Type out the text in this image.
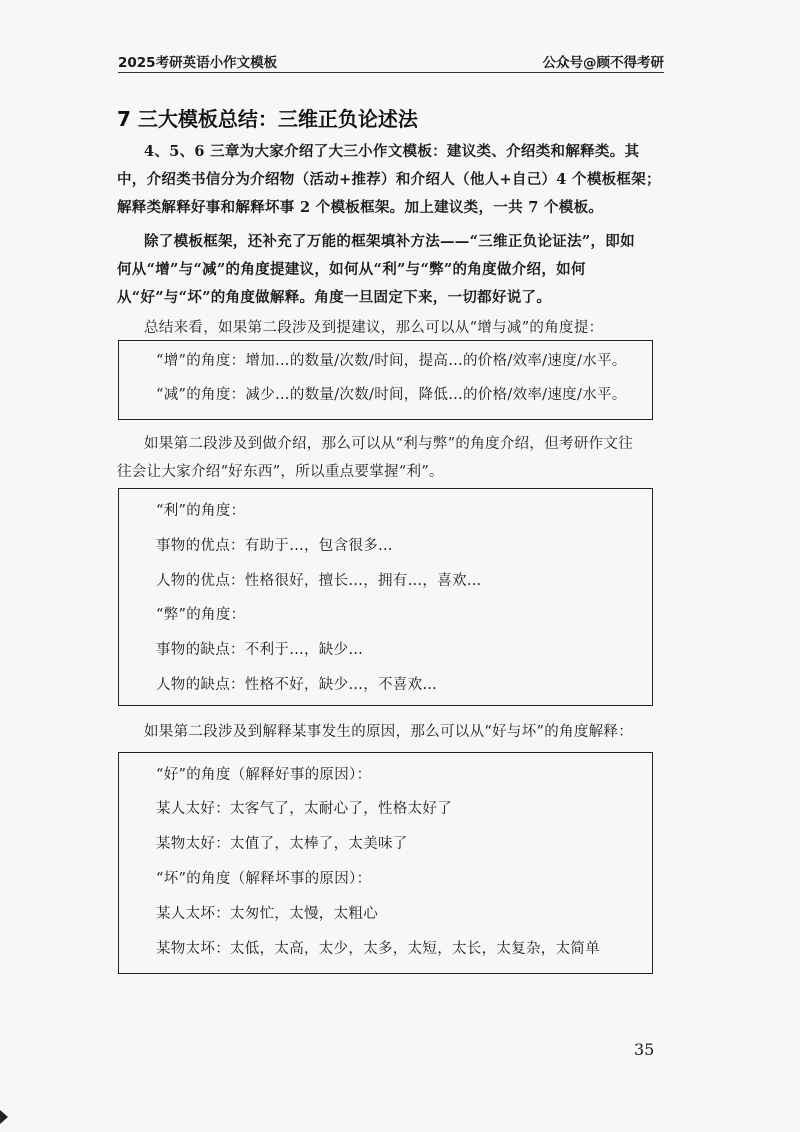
2025考研英语小作文模板	公众号@顾不得考研
7 三大模板总结：三维正负论述法
4、5、6 三章为大家介绍了大三小作文模板：建议类、介绍类和解释类。其
中，介绍类书信分为介绍物（活动+推荐）和介绍人（他人+自己）4 个模板框架；
解释类解释好事和解释坏事 2 个模板框架。加上建议类，一共 7 个模板。
除了模板框架，还补充了万能的框架填补方法——“三维正负论证法”，即如
何从“增”与“减”的角度提建议，如何从“利”与“弊”的角度做介绍，如何
从“好”与“坏”的角度做解释。角度一旦固定下来，一切都好说了。
总结来看，如果第二段涉及到提建议，那么可以从“增与减”的角度提：
“增”的角度：增加…的数量/次数/时间，提高…的价格/效率/速度/水平。
“减”的角度：减少…的数量/次数/时间，降低…的价格/效率/速度/水平。
如果第二段涉及到做介绍，那么可以从“利与弊”的角度介绍，但考研作文往
往会让大家介绍“好东西”，所以重点要掌握“利”。
“利”的角度：
事物的优点：有助于…，包含很多…
人物的优点：性格很好，擅长…，拥有…，喜欢…
“弊”的角度：
事物的缺点：不利于…，缺少…
人物的缺点：性格不好，缺少…，不喜欢…
如果第二段涉及到解释某事发生的原因，那么可以从“好与坏”的角度解释：
“好”的角度（解释好事的原因）：
某人太好：太客气了，太耐心了，性格太好了
某物太好：太值了，太棒了，太美味了
“坏”的角度（解释坏事的原因）：
某人太坏：太匆忙，太慢，太粗心
某物太坏：太低，太高，太少，太多，太短，太长，太复杂，太简单
35
